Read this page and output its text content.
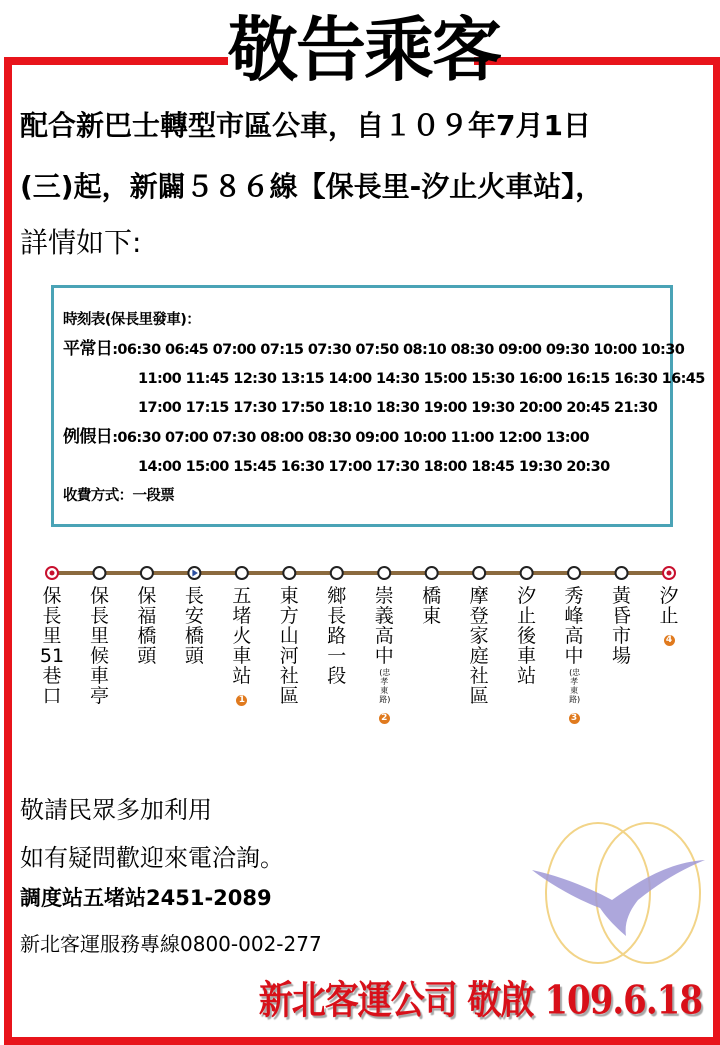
敬告乘客
配合新巴士轉型市區公車，自１０９年7月1日
(三)起，新闢５８６線【保長里-汐止火車站】，
詳情如下:
時刻表(保長里發車)：
平常日:06:30 06:45 07:00 07:15 07:30 07:50 08:10 08:30 09:00 09:30 10:00 10:30
11:00 11:45 12:30 13:15 14:00 14:30 15:00 15:30 16:00 16:15 16:30 16:45
17:00 17:15 17:30 17:50 18:10 18:30 19:00 19:30 20:00 20:45 21:30
例假日:06:30 07:00 07:30 08:00 08:30 09:00 10:00 11:00 12:00 13:00
14:00 15:00 15:45 16:30 17:00 17:30 18:00 18:45 19:30 20:30
收費方式：一段票
保長里51巷口
保長里候車亭
保福橋頭
長安橋頭
五堵火車站1
東方山河社區
鄉長路一段
崇義高中
(忠孝東路)
2
橋東
摩登家庭社區
汐止後車站
秀峰高中
(忠孝東路)
3
黃昏市場
汐止4
敬請民眾多加利用
如有疑問歡迎來電洽詢。
調度站五堵站2451-2089
新北客運服務專線0800-002-277
新北客運公司 敬啟 109.6.18
